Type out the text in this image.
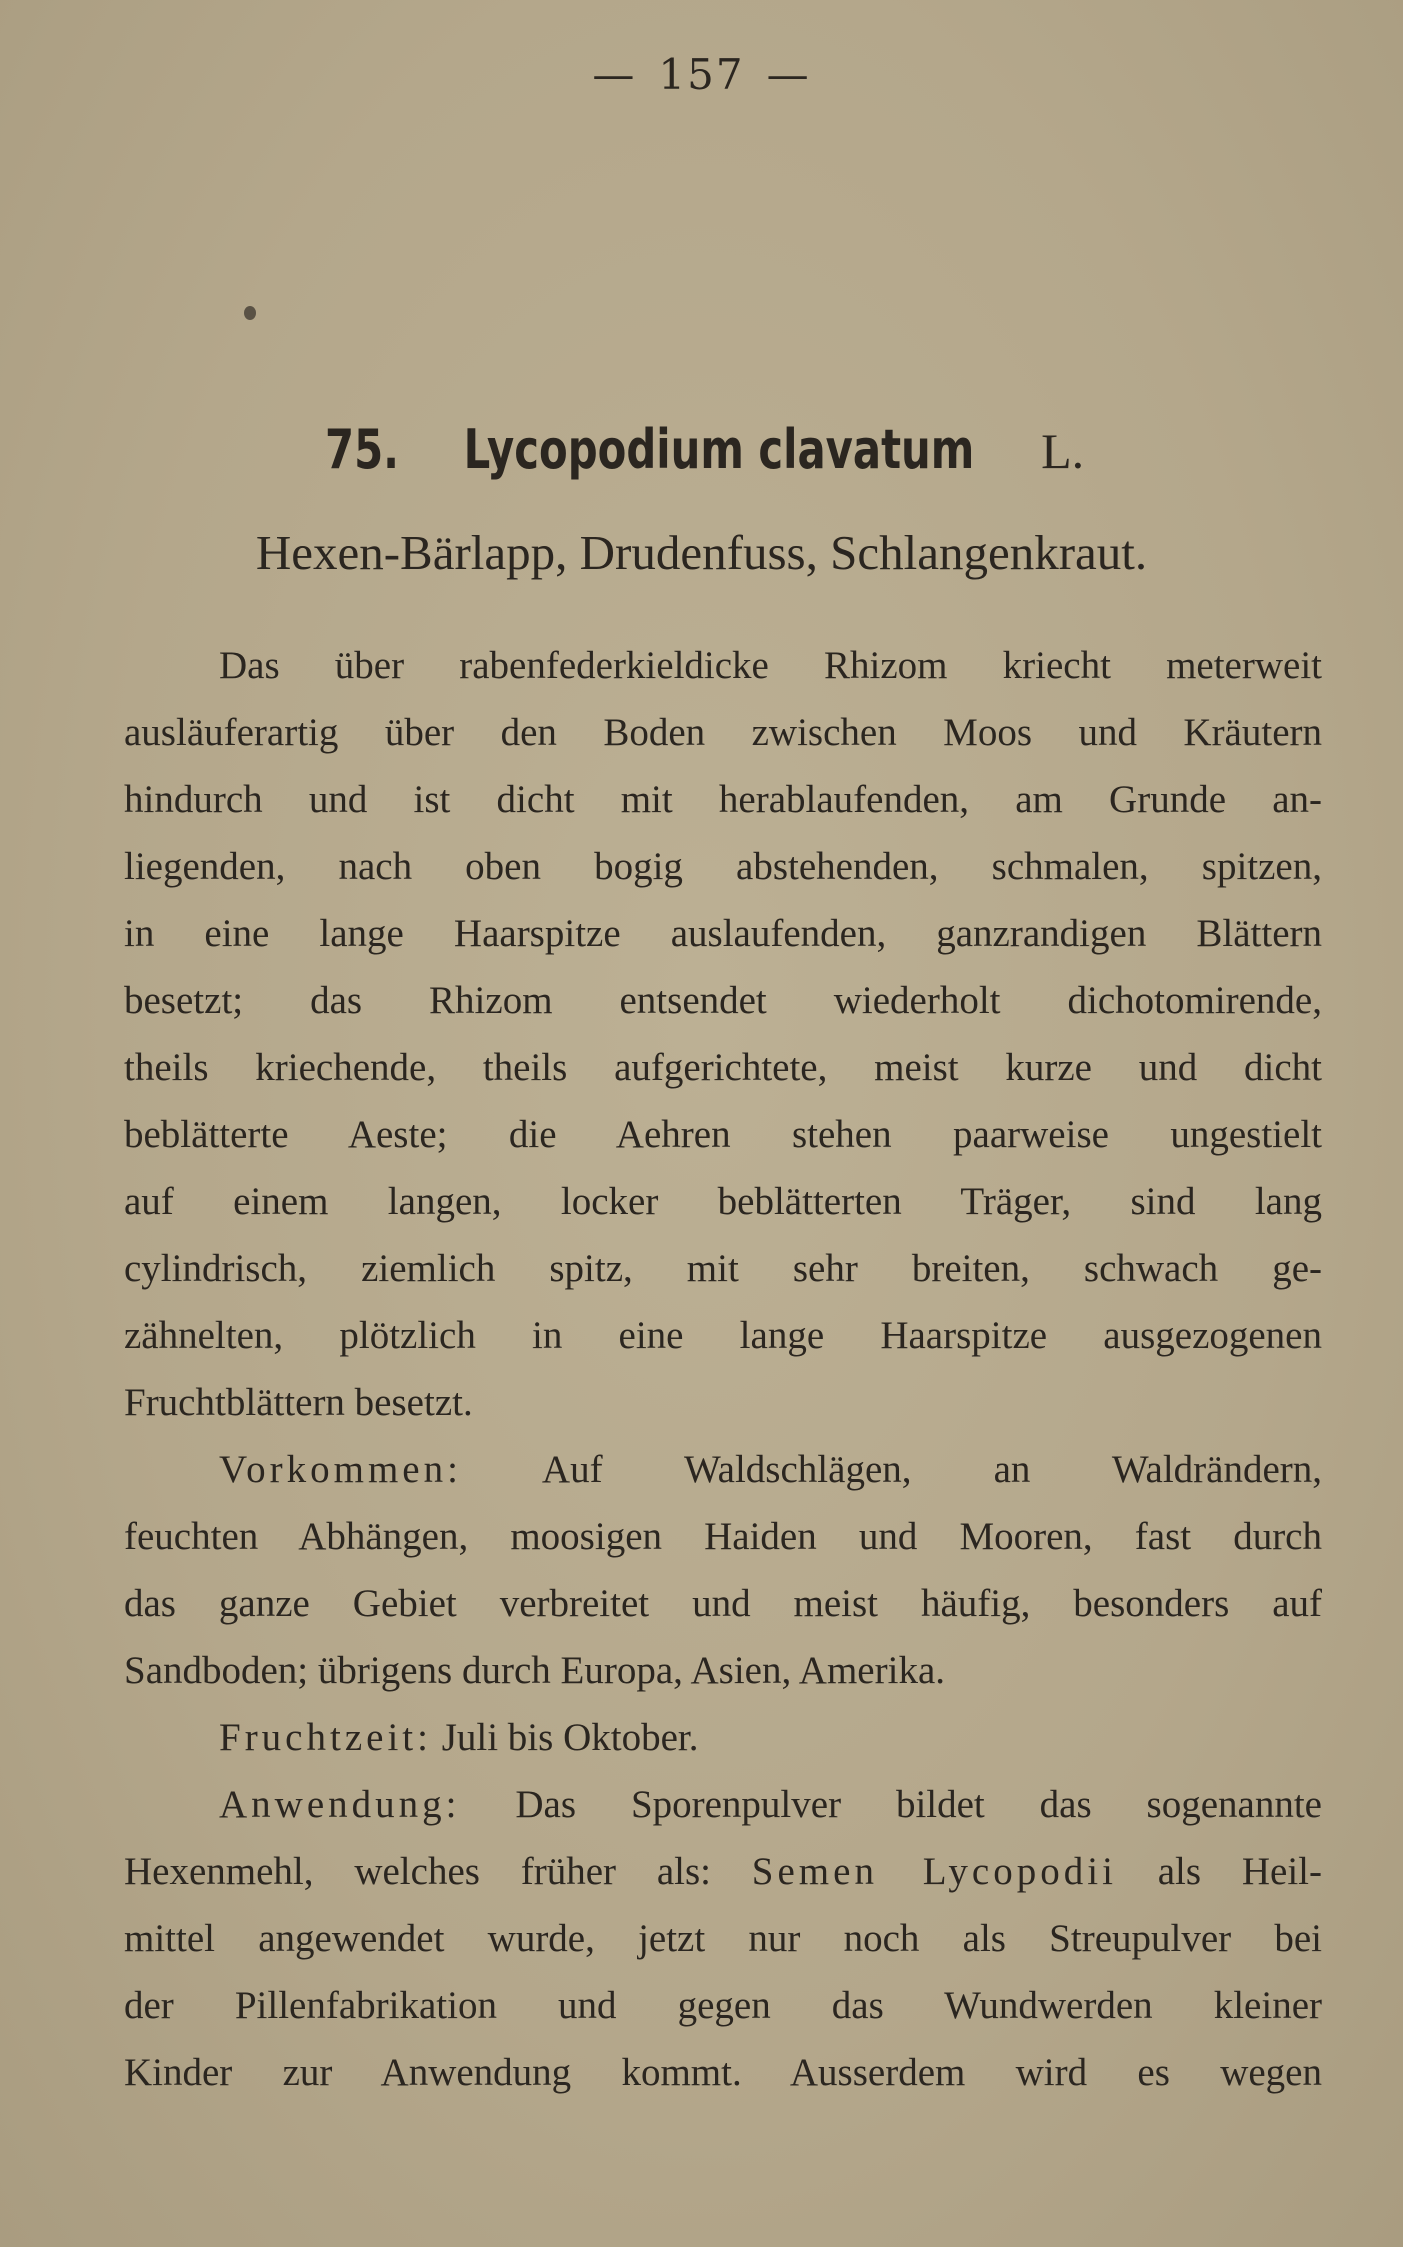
— 157 —
75. Lycopodium clavatum L.
Hexen-Bärlapp, Drudenfuss, Schlangenkraut.
Das über rabenfederkieldicke Rhizom kriecht meterweit
ausläuferartig über den Boden zwischen Moos und Kräutern
hindurch und ist dicht mit herablaufenden, am Grunde an-
liegenden, nach oben bogig abstehenden, schmalen, spitzen,
in eine lange Haarspitze auslaufenden, ganzrandigen Blättern
besetzt; das Rhizom entsendet wiederholt dichotomirende,
theils kriechende, theils aufgerichtete, meist kurze und dicht
beblätterte Aeste; die Aehren stehen paarweise ungestielt
auf einem langen, locker beblätterten Träger, sind lang
cylindrisch, ziemlich spitz, mit sehr breiten, schwach ge-
zähnelten, plötzlich in eine lange Haarspitze ausgezogenen
Fruchtblättern besetzt.
Vorkommen: Auf Waldschlägen, an Waldrändern,
feuchten Abhängen, moosigen Haiden und Mooren, fast durch
das ganze Gebiet verbreitet und meist häufig, besonders auf
Sandboden; übrigens durch Europa, Asien, Amerika.
Fruchtzeit: Juli bis Oktober.
Anwendung: Das Sporenpulver bildet das sogenannte
Hexenmehl, welches früher als: Semen Lycopodii als Heil-
mittel angewendet wurde, jetzt nur noch als Streupulver bei
der Pillenfabrikation und gegen das Wundwerden kleiner
Kinder zur Anwendung kommt. Ausserdem wird es wegen
